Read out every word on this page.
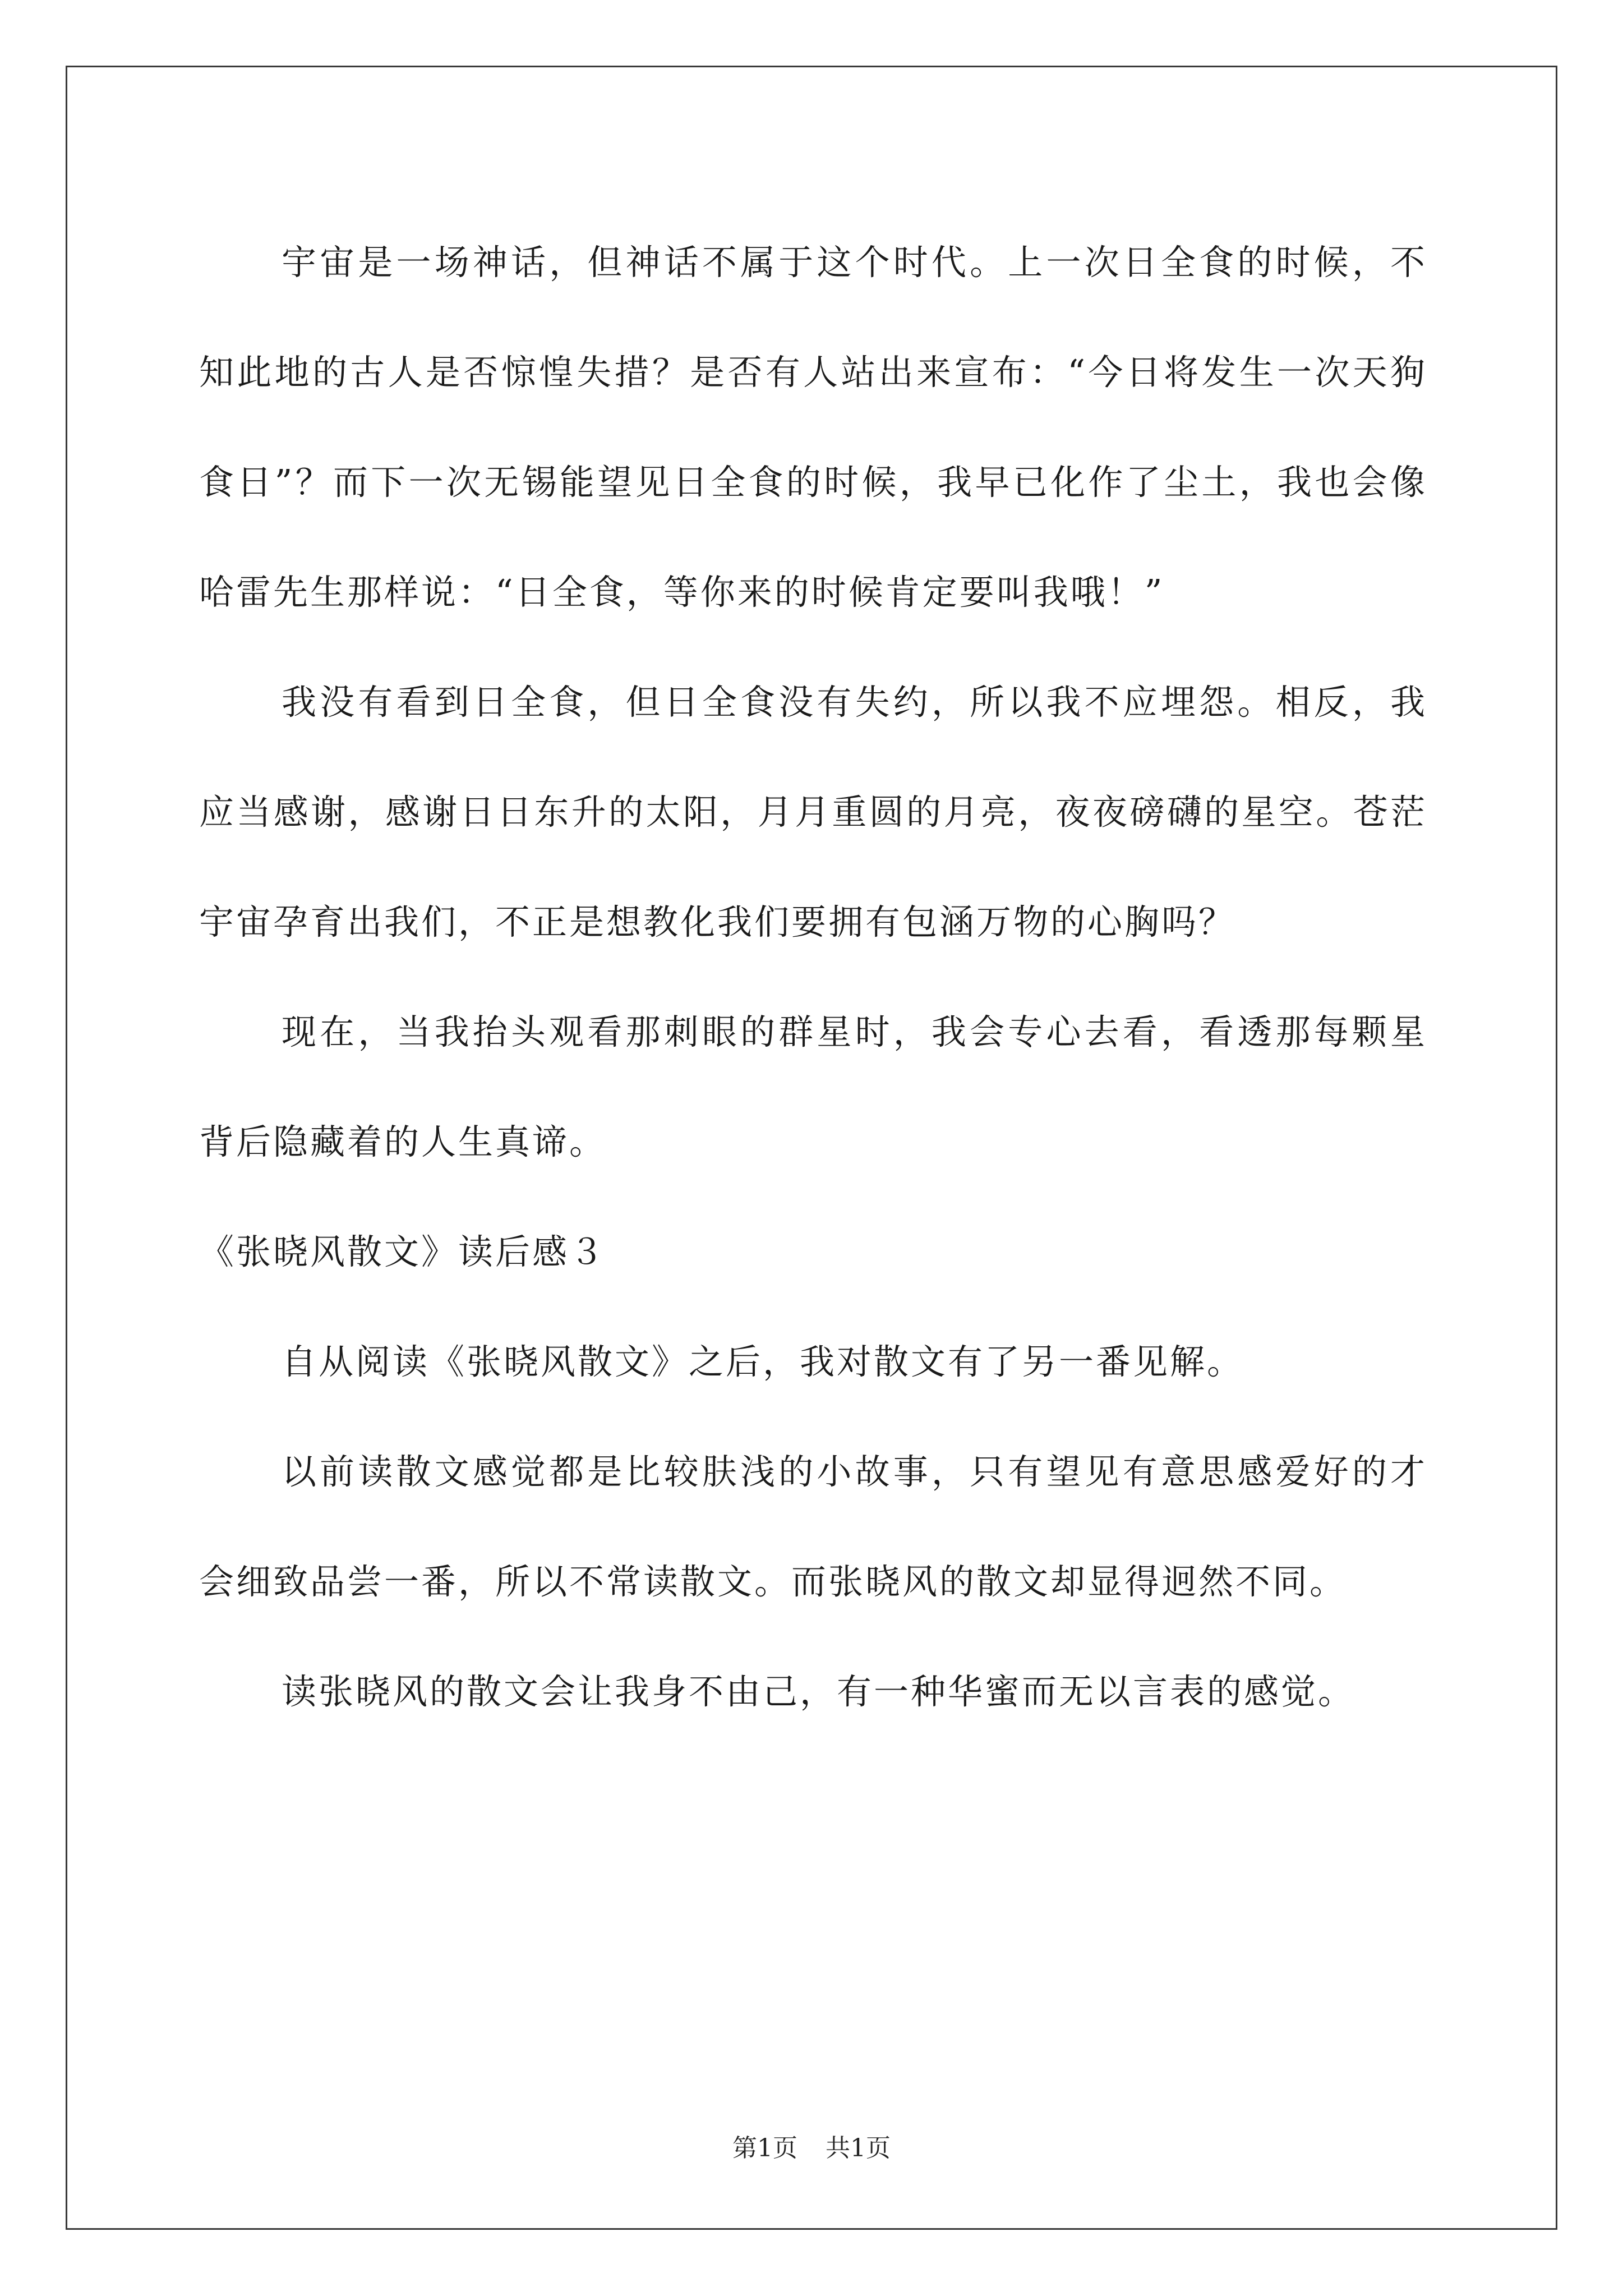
宇宙是一场神话，但神话不属于这个时代。上一次日全食的时候，不知此地的古人是否惊惶失措？是否有人站出来宣布：“今日将发生一次天狗食日”？而下一次无锡能望见日全食的时候，我早已化作了尘土，我也会像哈雷先生那样说：“日全食，等你来的时候肯定要叫我哦！”

我没有看到日全食，但日全食没有失约，所以我不应埋怨。相反，我应当感谢，感谢日日东升的太阳，月月重圆的月亮，夜夜磅礴的星空。苍茫宇宙孕育出我们，不正是想教化我们要拥有包涵万物的心胸吗？

现在，当我抬头观看那刺眼的群星时，我会专心去看，看透那每颗星背后隐藏着的人生真谛。

《张晓风散文》读后感３

自从阅读《张晓风散文》之后，我对散文有了另一番见解。

以前读散文感觉都是比较肤浅的小故事，只有望见有意思感爱好的才会细致品尝一番，所以不常读散文。而张晓风的散文却显得迥然不同。

读张晓风的散文会让我身不由己，有一种华蜜而无以言表的感觉。

第1页 共1页
